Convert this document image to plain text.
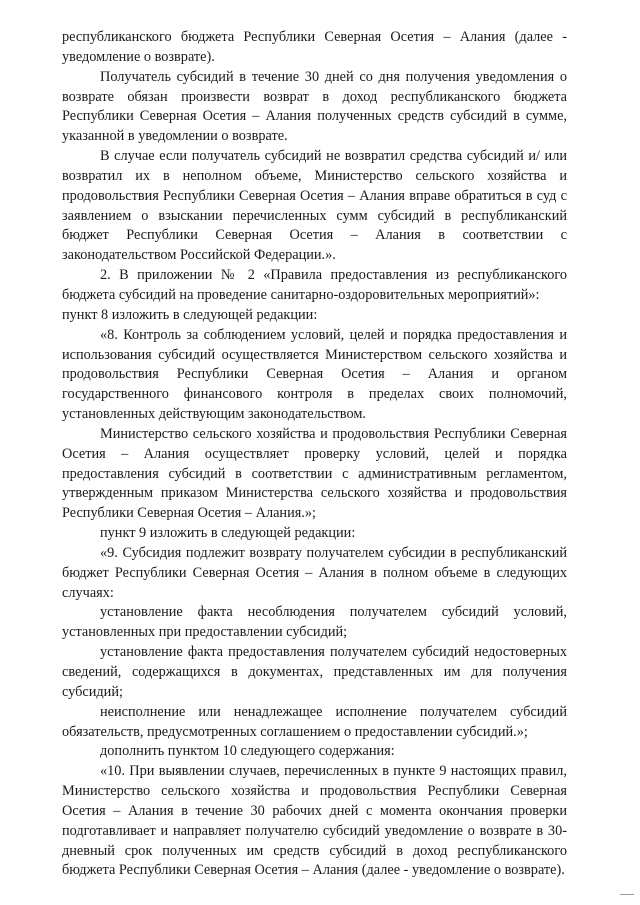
республиканского бюджета Республики Северная Осетия – Алания (далее - уведомление о возврате).

Получатель субсидий в течение 30 дней со дня получения уведомления о возврате обязан произвести возврат в доход республиканского бюджета Республики Северная Осетия – Алания полученных средств субсидий в сумме, указанной в уведомлении о возврате.

В случае если получатель субсидий не возвратил средства субсидий и/ или возвратил их в неполном объеме, Министерство сельского хозяйства и продовольствия Республики Северная Осетия – Алания вправе обратиться в суд с заявлением о взыскании перечисленных сумм субсидий в республиканский бюджет Республики Северная Осетия – Алания в соответствии с законодательством Российской Федерации.».

2. В приложении № 2 «Правила предоставления из республиканского бюджета субсидий на проведение санитарно-оздоровительных мероприятий»:

пункт 8 изложить в следующей редакции:

«8. Контроль за соблюдением условий, целей и порядка предоставления и использования субсидий осуществляется Министерством сельского хозяйства и продовольствия Республики Северная Осетия – Алания и органом государственного финансового контроля в пределах своих полномочий, установленных действующим законодательством.

Министерство сельского хозяйства и продовольствия Республики Северная Осетия – Алания осуществляет проверку условий, целей и порядка предоставления субсидий в соответствии с административным регламентом, утвержденным приказом Министерства сельского хозяйства и продовольствия Республики Северная Осетия – Алания.»;

пункт 9 изложить в следующей редакции:

«9. Субсидия подлежит возврату получателем субсидии в республиканский бюджет Республики Северная Осетия – Алания в полном объеме в следующих случаях:

установление факта несоблюдения получателем субсидий условий, установленных при предоставлении субсидий;

установление факта предоставления получателем субсидий недостоверных сведений, содержащихся в документах, представленных им для получения субсидий;

неисполнение или ненадлежащее исполнение получателем субсидий обязательств, предусмотренных соглашением о предоставлении субсидий.»;

дополнить пунктом 10 следующего содержания:

«10. При выявлении случаев, перечисленных в пункте 9 настоящих правил, Министерство сельского хозяйства и продовольствия Республики Северная Осетия – Алания в течение 30 рабочих дней с момента окончания проверки подготавливает и направляет получателю субсидий уведомление о возврате в 30-дневный срок полученных им средств субсидий в доход республиканского бюджета Республики Северная Осетия – Алания (далее - уведомление о возврате).
